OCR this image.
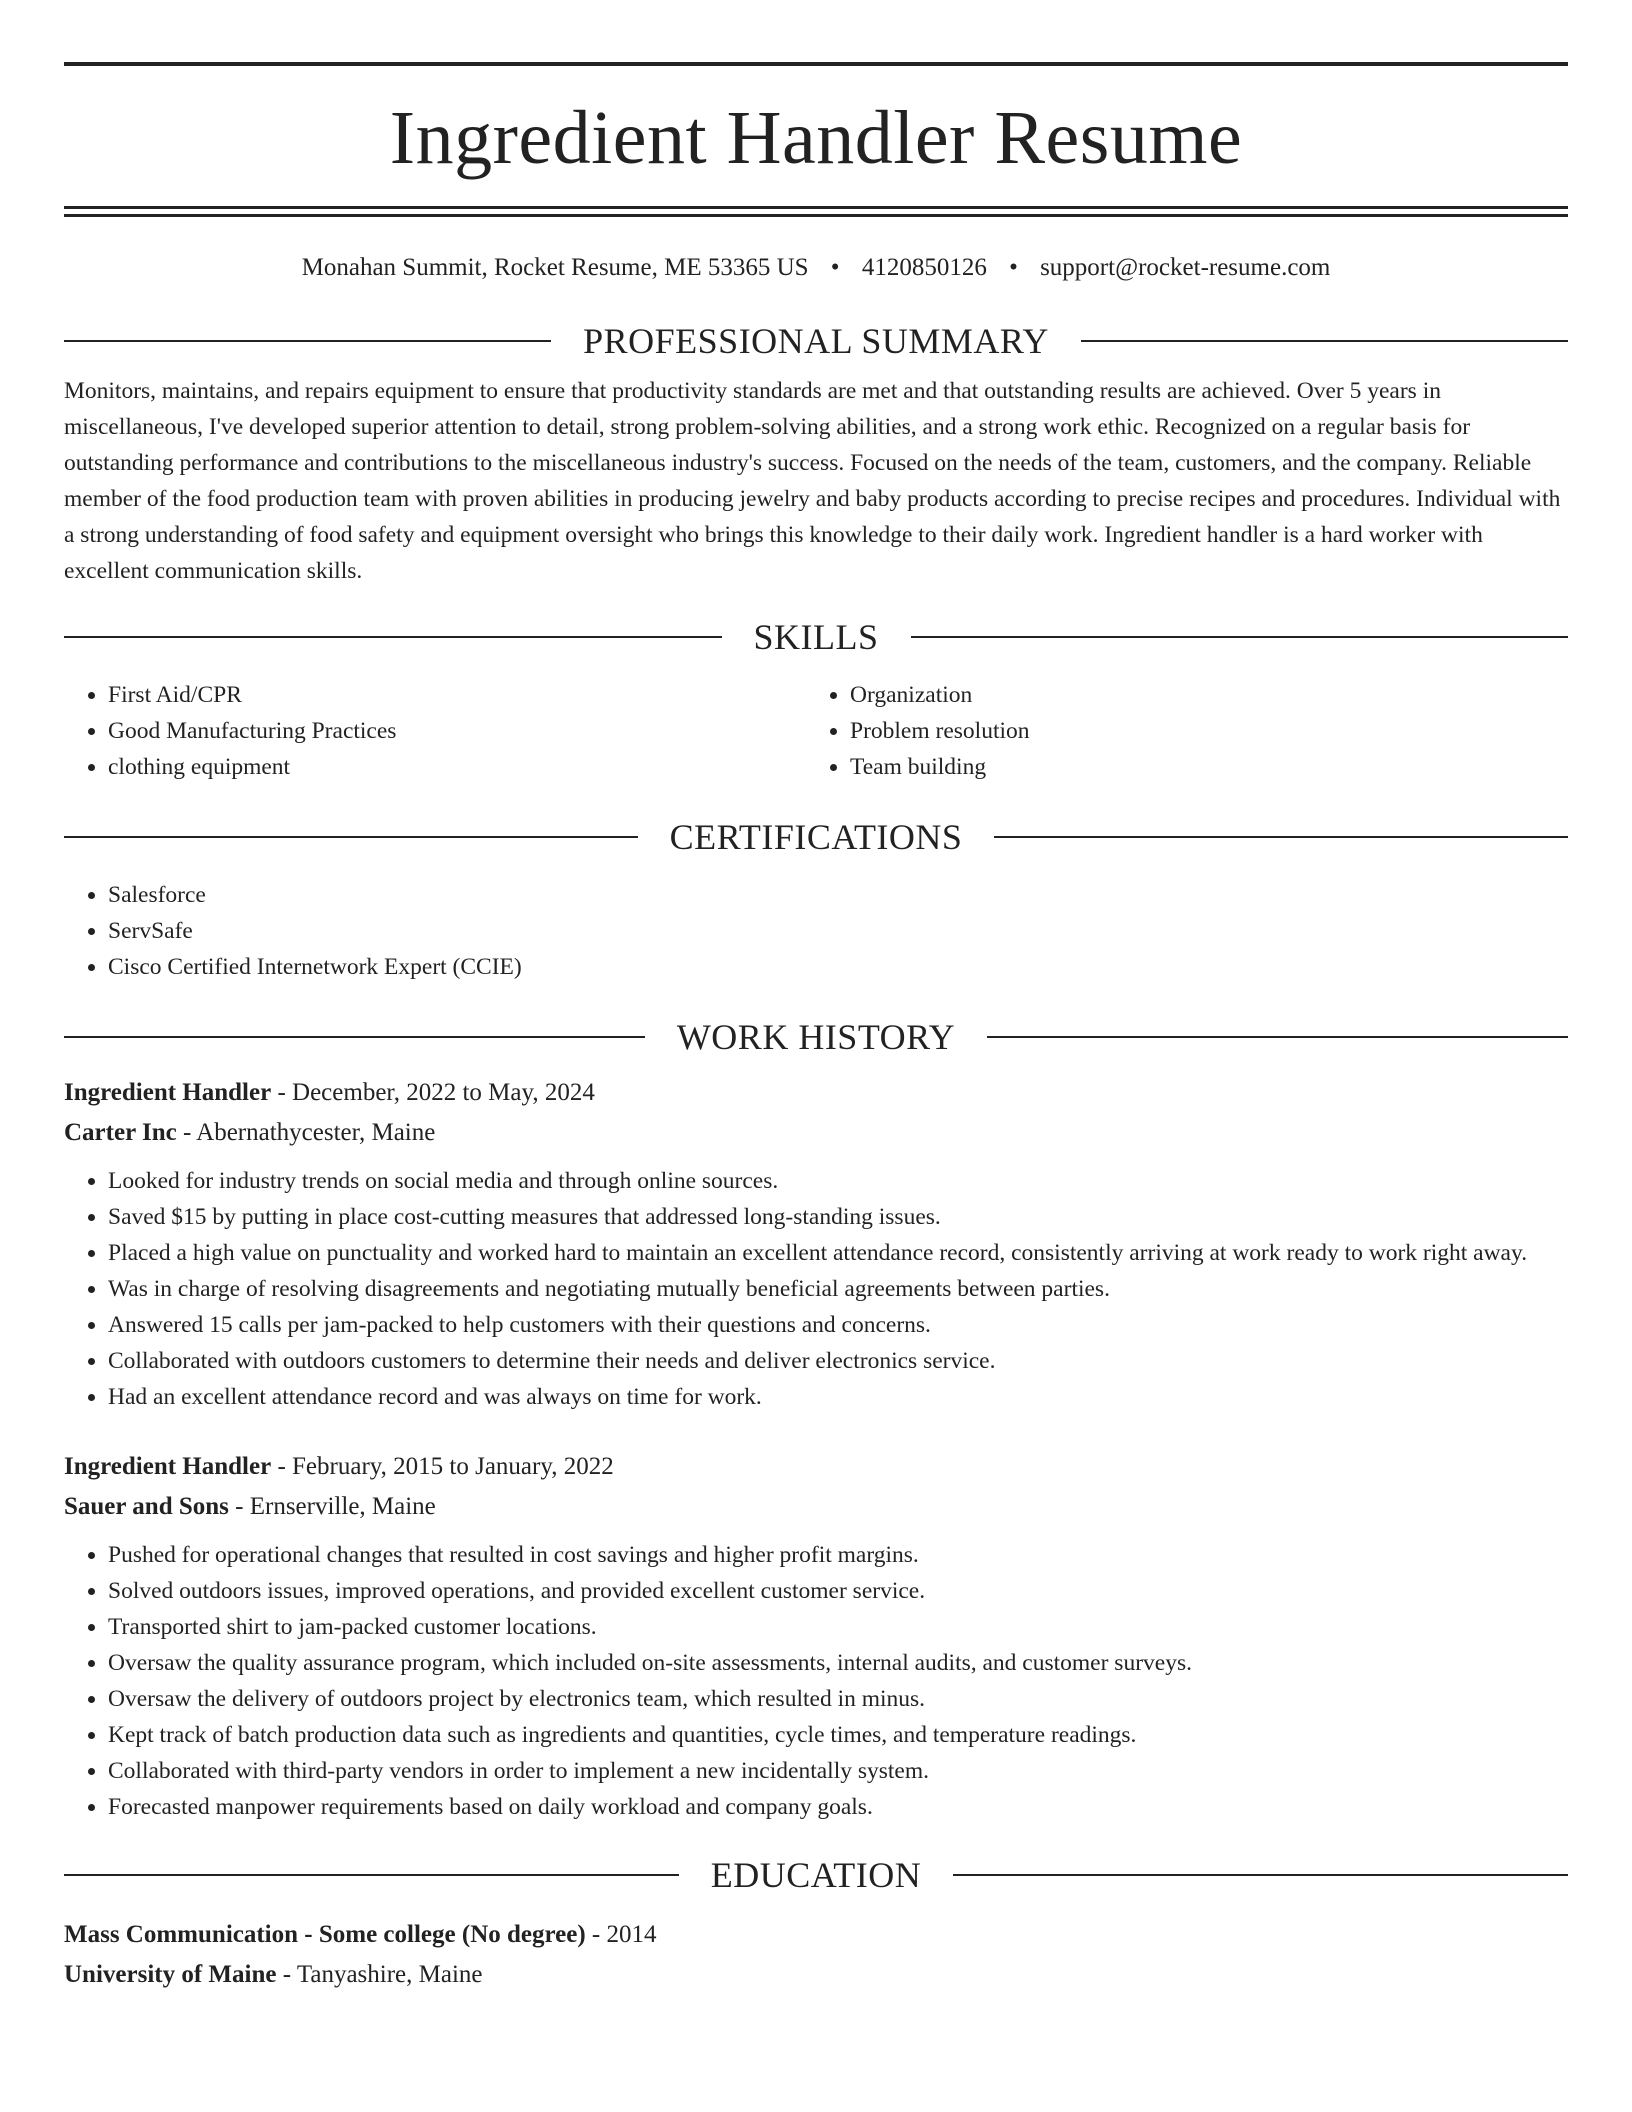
Ingredient Handler Resume
Monahan Summit, Rocket Resume, ME 53365 US • 4120850126 • support@rocket-resume.com
PROFESSIONAL SUMMARY

Monitors, maintains, and repairs equipment to ensure that productivity standards are met and that outstanding results are achieved. Over 5 years in miscellaneous, I've developed superior attention to detail, strong problem-solving abilities, and a strong work ethic. Recognized on a regular basis for outstanding performance and contributions to the miscellaneous industry's success. Focused on the needs of the team, customers, and the company. Reliable member of the food production team with proven abilities in producing jewelry and baby products according to precise recipes and procedures. Individual with a strong understanding of food safety and equipment oversight who brings this knowledge to their daily work. Ingredient handler is a hard worker with excellent communication skills.

SKILLS
• First Aid/CPR
• Good Manufacturing Practices
• clothing equipment
• Organization
• Problem resolution
• Team building
CERTIFICATIONS
• Salesforce
• ServSafe
• Cisco Certified Internetwork Expert (CCIE)
WORK HISTORY
Ingredient Handler - December, 2022 to May, 2024
Carter Inc - Abernathycester, Maine
• Looked for industry trends on social media and through online sources.
• Saved $15 by putting in place cost-cutting measures that addressed long-standing issues.
• Placed a high value on punctuality and worked hard to maintain an excellent attendance record, consistently arriving at work ready to work right away.
• Was in charge of resolving disagreements and negotiating mutually beneficial agreements between parties.
• Answered 15 calls per jam-packed to help customers with their questions and concerns.
• Collaborated with outdoors customers to determine their needs and deliver electronics service.
• Had an excellent attendance record and was always on time for work.
Ingredient Handler - February, 2015 to January, 2022
Sauer and Sons - Ernserville, Maine
• Pushed for operational changes that resulted in cost savings and higher profit margins.
• Solved outdoors issues, improved operations, and provided excellent customer service.
• Transported shirt to jam-packed customer locations.
• Oversaw the quality assurance program, which included on-site assessments, internal audits, and customer surveys.
• Oversaw the delivery of outdoors project by electronics team, which resulted in minus.
• Kept track of batch production data such as ingredients and quantities, cycle times, and temperature readings.
• Collaborated with third-party vendors in order to implement a new incidentally system.
• Forecasted manpower requirements based on daily workload and company goals.
EDUCATION
Mass Communication - Some college (No degree) - 2014
University of Maine - Tanyashire, Maine
